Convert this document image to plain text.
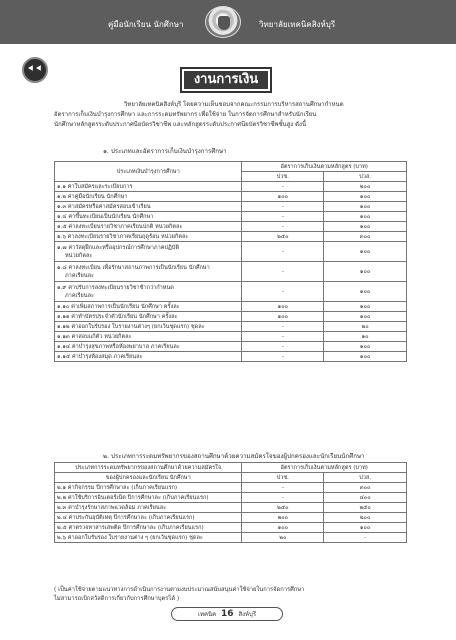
คู่มือนักเรียน นักศึกษา	วิทยาลัยเทคนิคสิงห์บุรี
⯇⯇
งานการเงิน
วิทยาลัยเทคนิคสิงห์บุรี โดยความเห็นชอบจากคณะกรรมการบริหารสถานศึกษากำหนด
อัตราการเก็บเงินบำรุงการศึกษา และการระดมทรัพยากร เพื่อใช้จ่าย ในการจัดการศึกษาสำหรับนักเรียน
นักศึกษาหลักสูตรระดับประกาศนียบัตรวิชาชีพ และหลักสูตรระดับประกาศนียบัตรวิชาชีพชั้นสูง ดังนี้
๑. ประเภทและอัตราการเก็บเงินบำรุงการศึกษา
ประเภทเงินบำรุงการศึกษา	อัตราการเก็บเงินตามหลักสูตร (บาท)	
	ปวช.	ปวส.

๑.๑ ค่าใบสมัครและระเบียบการ	-	๒๐๐

๑.๒ ค่าคู่มือนักเรียน นักศึกษา	๑๐๐	๑๐๐

๑.๓ ค่าสมัครหรือค่าสมัครสอบเข้าเรียน	-	๑๐๐

๑.๔ ค่าขึ้นทะเบียนเป็นนักเรียน นักศึกษา	-	๑๐๐

๑.๕ ค่าลงทะเบียนรายวิชาภาคเรียนปกติ หน่วยกิตละ	-	๑๐๐

๑.๖ ค่าลงทะเบียนรายวิชาภาคเรียนฤดูร้อน หน่วยกิตละ	๒๕๐	๓๐๐

๑.๗ ค่าวัสดุฝึกและหรืออุปกรณ์การศึกษาภาคปฏิบัติ
หน่วยกิตละ	-	๑๐๐

๑.๘ ค่าลงทะเบียน เพื่อรักษาสถานภาพการเป็นนักเรียน นักศึกษา
ภาคเรียนละ	-	๑๐๐

๑.๙ ค่าปรับการลงทะเบียนรายวิชาช้ากว่ากำหนด
ภาคเรียนละ	-	๑๐๐

๑.๑๐ ค่าเพิ่มสภาพการเป็นนักเรียน นักศึกษา ครั้งละ	๑๐๐	๑๐๐

๑.๑๑ ค่าทำบัตรประจำตัวนักเรียน นักศึกษา ครั้งละ	๑๐๐	๑๐๐

๑.๑๒ ค่าออกใบรับรอง ใบรายงานต่างๆ (ยกเว้นชุดแรก) ชุดละ	-	๒๐

๑.๑๓ ค่าสอบแก้ตัว หน่วยกิตละ	-	๑๐

๑.๑๔ ค่าบำรุงสุขภาพหรือห้องพยาบาล ภาคเรียนละ	-	๑๐๐

๑.๑๕ ค่าบำรุงห้องสมุด ภาคเรียนละ	-	๑๐๐
๒. ประเภทการระดมทรัพยากรของสถานศึกษาด้วยความสมัครใจของผู้ปกครองและนักเรียนนักศึกษา
ประเภทการระดมทรัพยากรของสถานศึกษาด้วยความสมัครใจ	อัตราการเก็บเงินตามหลักสูตร (บาท)	
ของผู้ปกครองและนักเรียน นักศึกษา	ปวช.	ปวส.

๒.๑ ค่ากิจกรรม ปีการศึกษาละ (เก็บภาคเรียนแรก)	-	๓๐๐

๒.๒ ค่าใช้บริการอินเตอร์เน็ต ปีการศึกษาละ (เก็บภาคเรียนแรก)	-	๔๐๐

๒.๓ ค่าบำรุงรักษาสภาพแวดล้อม ภาคเรียนละ	๒๕๐	๒๕๐

๒.๔ ค่าประกันอุบัติเหตุ ปีการศึกษาละ (เก็บภาคเรียนแรก)	๒๐๐	๒๐๐

๒.๕ ค่าตรวจหาสารเสพติด ปีการศึกษาละ (เก็บภาคเรียนแรก)	๑๐๐	๑๐๐

๒.๖ ค่าออกใบรับรอง ใบรายงานต่าง ๆ (ยกเว้นชุดแรก) ชุดละ	๒๐	-
( เป็นค่าใช้จ่ายตามแนวทางการดำเนินการงานตามงบประมาณสนับสนุนค่าใช้จ่ายในการจัดการศึกษา
ไม่สามารถเบิกสวัสดิการเกี่ยวกับการศึกษาบุตรได้ )
เทคนิค 16 สิงห์บุรี
